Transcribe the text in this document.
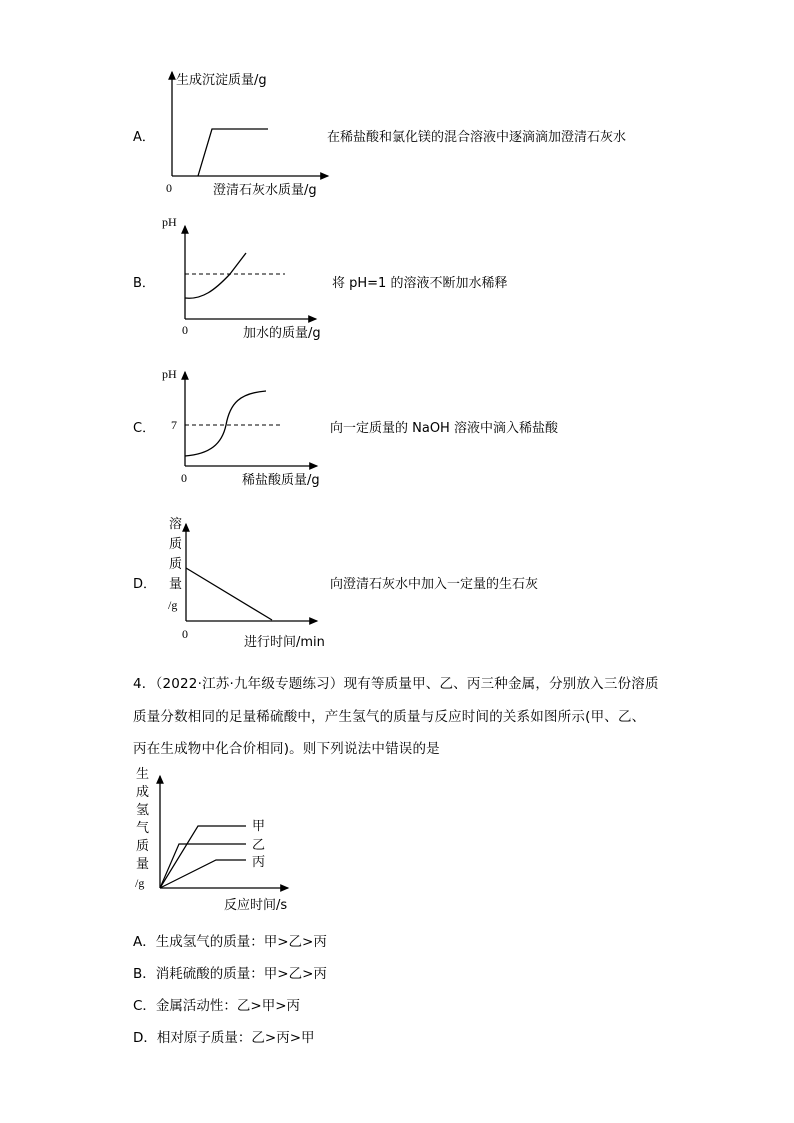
A．
生成沉淀质量/g
0	澄清石灰水质量/g
在稀盐酸和氯化镁的混合溶液中逐滴滴加澄清石灰水
B．
pH
0	加水的质量/g
将 pH=1 的溶液不断加水稀释
C．
pH
7
0	稀盐酸质量/g
向一定质量的 NaOH 溶液中滴入稀盐酸
D．
溶
质
质
量
/g
0
进行时间/min
向澄清石灰水中加入一定量的生石灰
4．（2022·江苏·九年级专题练习）现有等质量甲、乙、丙三种金属，分别放入三份溶质
质量分数相同的足量稀硫酸中，产生氢气的质量与反应时间的关系如图所示(甲、乙、
丙在生成物中化合价相同)。则下列说法中错误的是
甲
乙
丙
生
成
氢
气
质
量
/g
反应时间/s
A．生成氢气的质量：甲>乙>丙
B．消耗硫酸的质量：甲>乙>丙
C．金属活动性：乙>甲>丙
D．相对原子质量：乙>丙>甲
